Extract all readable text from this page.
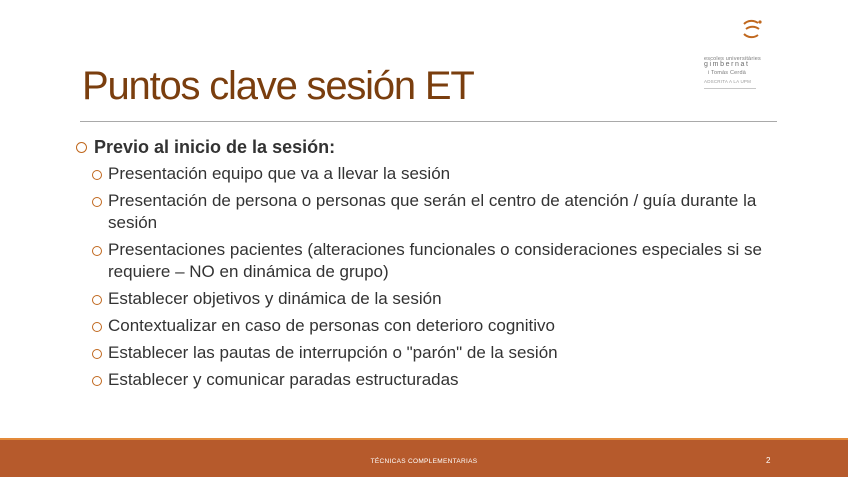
escoles universitàries
gimbernat
i Tomàs Cerdà
ADSCRITA A LA UPM
Puntos clave sesión ET
Previo al inicio de la sesión:
Presentación equipo que va a llevar la sesión
Presentación de persona o personas que serán el centro de atención / guía durante la sesión
Presentaciones pacientes (alteraciones funcionales o consideraciones especiales si se requiere – NO en dinámica de grupo)
Establecer objetivos y dinámica de la sesión
Contextualizar en caso de personas con deterioro cognitivo
Establecer las pautas de interrupción o "parón" de la sesión
Establecer y comunicar paradas estructuradas
TÉCNICAS COMPLEMENTARIAS	2
